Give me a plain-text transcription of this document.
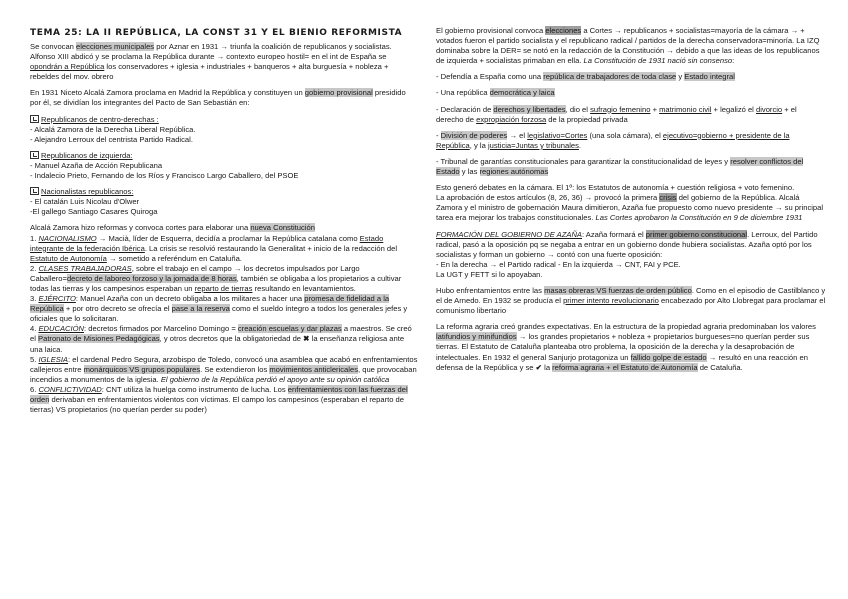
TEMA 25: LA II REPÚBLICA, LA CONST 31 Y EL BIENIO REFORMISTA
Se convocan elecciones municipales por Aznar en 1931 → triunfa la coalición de republicanos y socialistas. Alfonso XIII abdicó y se proclama la República durante → contexto europeo hostil= en el int de España se opondrán a República los conservadores + iglesia + industriales + banqueros + alta burguesía + nobleza + rebeldes del mov. obrero
En 1931 Niceto Alcalá Zamora proclama en Madrid la República y constituyen un gobierno provisional presidido por él, se dividían los integrantes del Pacto de San Sebastián en:
Republicanos de centro-derechas :
- Alcalá Zamora de la Derecha Liberal República.
- Alejandro Lerroux del centrista Partido Radical.
Republicanos de izquierda:
- Manuel Azaña de Acción Republicana
- Indalecio Prieto, Fernando de los Ríos y Francisco Largo Caballero, del PSOE
Nacionalistas republicanos:
- El catalán Luis Nicolau d'Olwer
-El gallego Santiago Casares Quiroga
Alcalá Zamora hizo reformas y convoca cortes para elaborar una nueva Constitución
1. NACIONALISMO → Macià, líder de Esquerra, decidía a proclamar la República catalana como Estado integrante de la federación Ibérica. La crisis se resolvió restaurando la Generalitat + inicio de la redacción del Estatuto de Autonomía → sometido a referéndum en Cataluña.
2. CLASES TRABAJADORAS, sobre el trabajo en el campo → los decretos impulsados por Largo Caballero=decreto de laboreo forzoso y la jornada de 8 horas, también se obligaba a los propietarios a cultivar todas las tierras y los campesinos esperaban un reparto de tierras resultando en levantamientos.
3. EJÉRCITO: Manuel Azaña con un decreto obligaba a los militares a hacer una promesa de fidelidad a la República + por otro decreto se ofrecía el pase a la reserva como el sueldo íntegro a todos los generales jefes y oficiales que lo solicitaran.
4. EDUCACIÓN: decretos firmados por Marcelino Domingo = creación escuelas y dar plazas a maestros. Se creó el Patronato de Misiones Pedagógicas, y otros decretos que la obligatoriedad de ✖ la enseñanza religiosa ante una laica.
5. IGLESIA: el cardenal Pedro Segura, arzobispo de Toledo, convocó una asamblea que acabó en enfrentamientos callejeros entre monárquicos VS grupos populares. Se extendieron los movimientos anticlericales, que provocaban incendios a monumentos de la iglesia. El gobierno de la República perdió el apoyo ante su opinión católica
6. CONFLICTIVIDAD: CNT utiliza la huelga como instrumento de lucha. Los enfrentamientos con las fuerzas del orden derivaban en enfrentamientos violentos con víctimas. El campo los campesinos (esperaban el reparto de tierras) VS propietarios (no querían perder su poder)
El gobierno provisional convoca elecciones a Cortes → republicanos + socialistas=mayoría de la cámara → + votados fueron el partido socialista y el republicano radical / partidos de la derecha conservadora=minoría. La IZQ dominaba sobre la DER= se notó en la redacción de la Constitución → debido a que las ideas de los republicanos de izquierda + socialistas primaban en ella. La Constitución de 1931 nació sin consenso:
- Defendía a España como una república de trabajadores de toda clase y Estado integral
- Una república democrática y laica
- Declaración de derechos y libertades, dio el sufragio femenino + matrimonio civil + legalizó el divorcio + el derecho de expropiación forzosa de la propiedad privada
- División de poderes → el legislativo=Cortes (una sola cámara), el ejecutivo=gobierno + presidente de la República, y la justicia=Juntas y tribunales.
- Tribunal de garantías constitucionales para garantizar la constitucionalidad de leyes y resolver conflictos del Estado y las regiones autónomas
Esto generó debates en la cámara. El 1º: los Estatutos de autonomía + cuestión religiosa + voto femenino.
La aprobación de estos artículos (8, 26, 36) → provocó la primera crisis del gobierno de la República. Alcalá Zamora y el ministro de gobernación Maura dimitieron, Azaña fue propuesto como nuevo presidente → su principal tarea era mejorar los trabajos constitucionales. Las Cortes aprobaron la Constitución en 9 de diciembre 1931
FORMACIÓN DEL GOBIERNO DE AZAÑA: Azaña formará el primer gobierno constitucional. Lerroux, del Partido radical, pasó a la oposición pq se negaba a entrar en un gobierno donde hubiera socialistas. Azaña optó por los socialistas y forman un gobierno → contó con una fuerte oposición:
- En la derecha → el Partido radical - En la izquierda → CNT, FAI y PCE.
La UGT y FETT si lo apoyaban.
Hubo enfrentamientos entre las masas obreras VS fuerzas de orden público. Como en el episodio de Castilblanco y el de Arnedo. En 1932 se producía el primer intento revolucionario encabezado por Alto Llobregat para proclamar el comunismo libertario
La reforma agraria creó grandes expectativas. En la estructura de la propiedad agraria predominaban los valores latifundios y minifundios → los grandes propietarios + nobleza + propietarios burgueses=no querían perder sus tierras. El Estatuto de Cataluña planteaba otro problema, la oposición de la derecha y la desaprobación de intelectuales. En 1932 el general Sanjurjo protagoniza un fallido golpe de estado → resultó en una reacción en defensa de la República y se ✔ la reforma agraria + el Estatuto de Autonomía de Cataluña.
